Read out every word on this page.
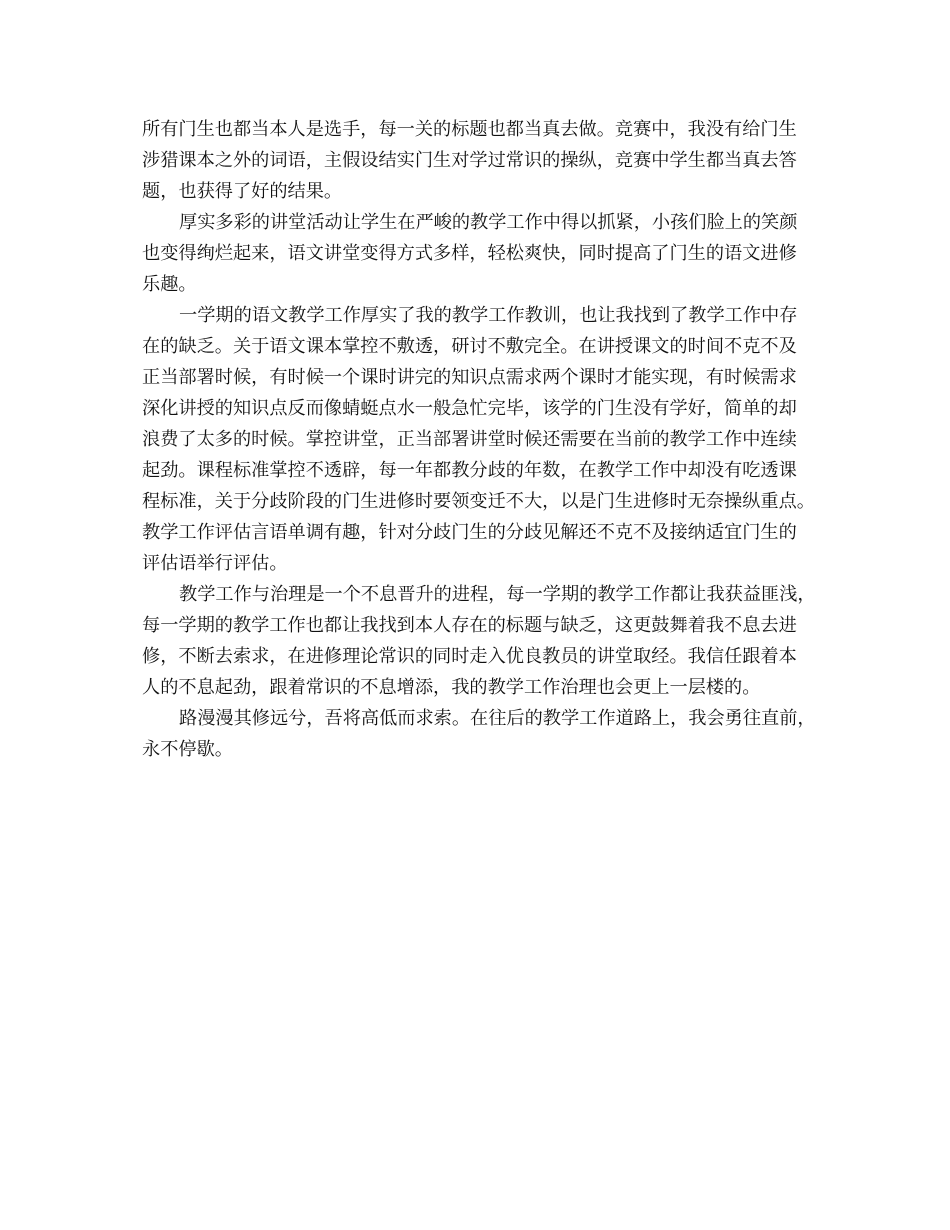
所有门生也都当本人是选手，每一关的标题也都当真去做。竞赛中，我没有给门生
涉猎课本之外的词语，主假设结实门生对学过常识的操纵，竞赛中学生都当真去答
题，也获得了好的结果。
厚实多彩的讲堂活动让学生在严峻的教学工作中得以抓紧，小孩们脸上的笑颜
也变得绚烂起来，语文讲堂变得方式多样，轻松爽快，同时提高了门生的语文进修
乐趣。
一学期的语文教学工作厚实了我的教学工作教训，也让我找到了教学工作中存
在的缺乏。关于语文课本掌控不敷透，研讨不敷完全。在讲授课文的时间不克不及
正当部署时候，有时候一个课时讲完的知识点需求两个课时才能实现，有时候需求
深化讲授的知识点反而像蜻蜓点水一般急忙完毕，该学的门生没有学好，简单的却
浪费了太多的时候。掌控讲堂，正当部署讲堂时候还需要在当前的教学工作中连续
起劲。课程标准掌控不透辟，每一年都教分歧的年数，在教学工作中却没有吃透课
程标准，关于分歧阶段的门生进修时要领变迁不大，以是门生进修时无奈操纵重点。
教学工作评估言语单调有趣，针对分歧门生的分歧见解还不克不及接纳适宜门生的
评估语举行评估。
教学工作与治理是一个不息晋升的进程，每一学期的教学工作都让我获益匪浅，
每一学期的教学工作也都让我找到本人存在的标题与缺乏，这更鼓舞着我不息去进
修，不断去索求，在进修理论常识的同时走入优良教员的讲堂取经。我信任跟着本
人的不息起劲，跟着常识的不息增添，我的教学工作治理也会更上一层楼的。
路漫漫其修远兮，吾将高低而求索。在往后的教学工作道路上，我会勇往直前，
永不停歇。
